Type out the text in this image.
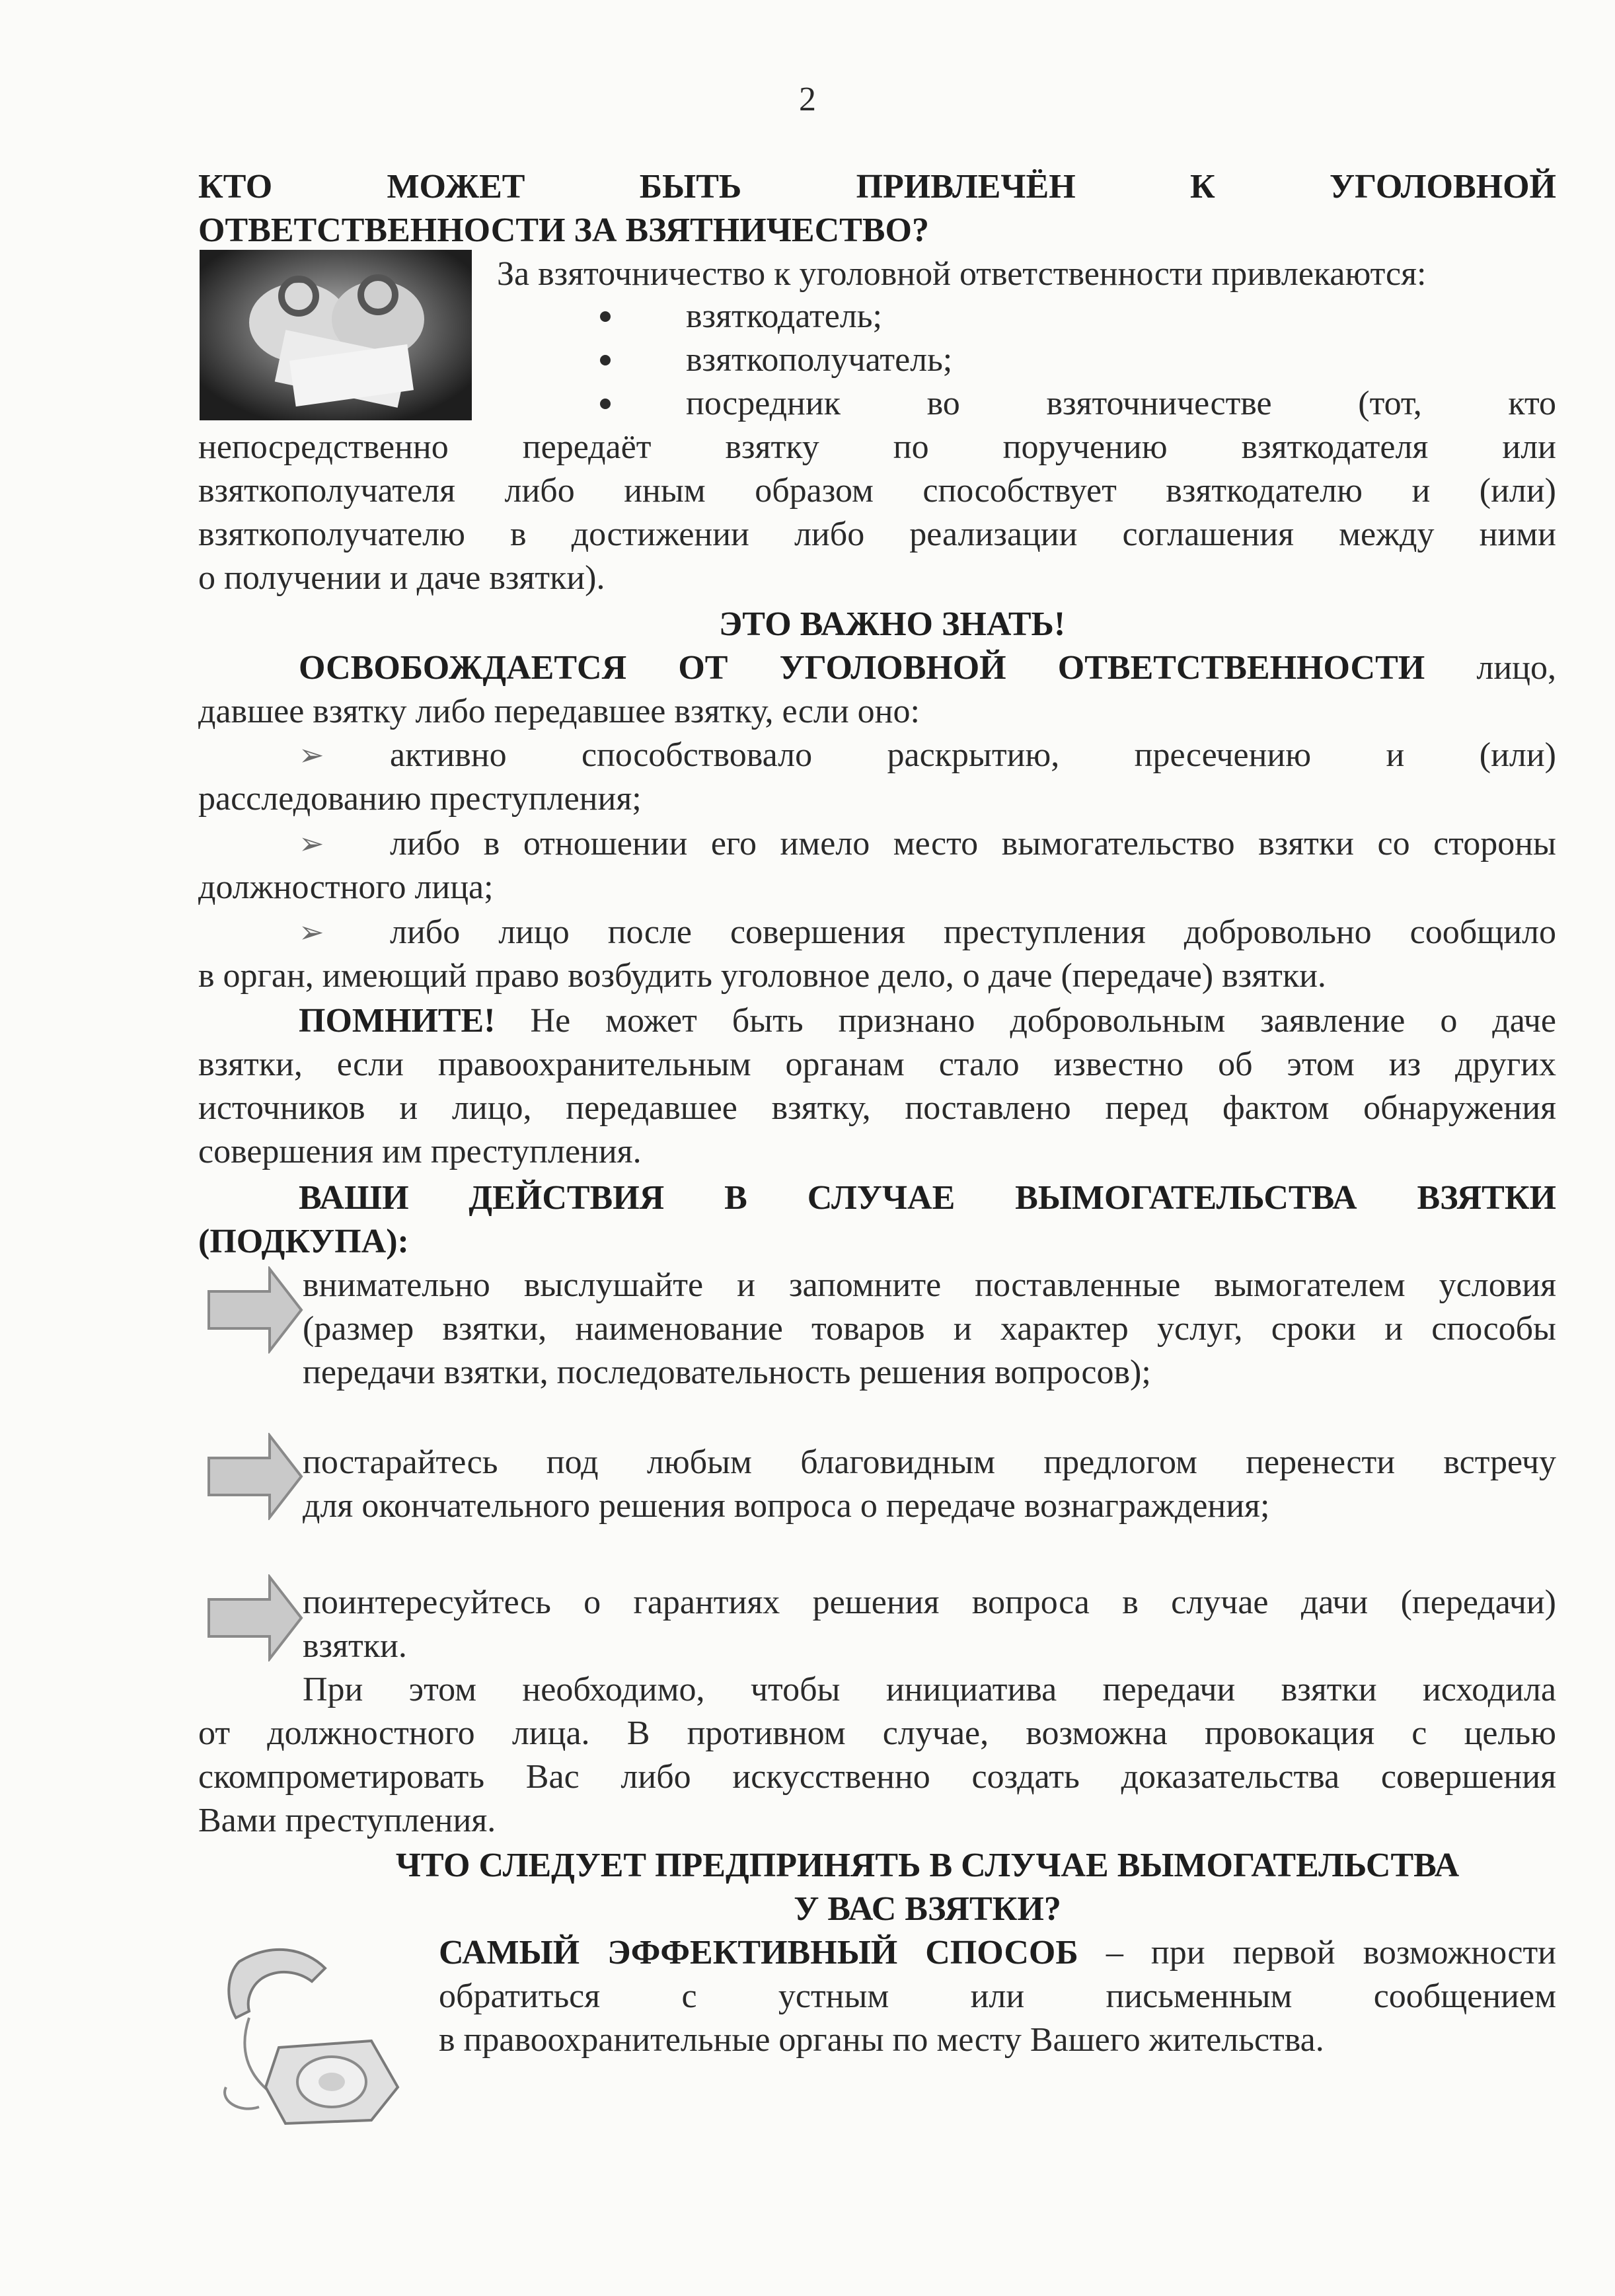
2
КТО МОЖЕТ БЫТЬ ПРИВЛЕЧЁН К УГОЛОВНОЙ
ОТВЕТСТВЕННОСТИ ЗА ВЗЯТНИЧЕСТВО?
За взяточничество к уголовной ответственности привлекаются:
взяткодатель;
взяткополучатель;
посредник во взяточничестве (тот, кто
непосредственно передаёт взятку по поручению взяткодателя или
взяткополучателя либо иным образом способствует взяткодателю и (или)
взяткополучателю в достижении либо реализации соглашения между ними
о получении и даче взятки).
ЭТО ВАЖНО ЗНАТЬ!
ОСВОБОЖДАЕТСЯ ОТ УГОЛОВНОЙ ОТВЕТСТВЕННОСТИ лицо,
давшее взятку либо передавшее взятку, если оно:
➢ активно способствовало раскрытию, пресечению и (или)
расследованию преступления;
➢ либо в отношении его имело место вымогательство взятки со стороны
должностного лица;
➢ либо лицо после совершения преступления добровольно сообщило
в орган, имеющий право возбудить уголовное дело, о даче (передаче) взятки.
ПОМНИТЕ! Не может быть признано добровольным заявление о даче
взятки, если правоохранительным органам стало известно об этом из других
источников и лицо, передавшее взятку, поставлено перед фактом обнаружения
совершения им преступления.
ВАШИ ДЕЙСТВИЯ В СЛУЧАЕ ВЫМОГАТЕЛЬСТВА ВЗЯТКИ
(ПОДКУПА):
внимательно выслушайте и запомните поставленные вымогателем условия
(размер взятки, наименование товаров и характер услуг, сроки и способы
передачи взятки, последовательность решения вопросов);
постарайтесь под любым благовидным предлогом перенести встречу
для окончательного решения вопроса о передаче вознаграждения;
поинтересуйтесь о гарантиях решения вопроса в случае дачи (передачи)
взятки.
При этом необходимо, чтобы инициатива передачи взятки исходила
от должностного лица. В противном случае, возможна провокация с целью
скомпрометировать Вас либо искусственно создать доказательства совершения
Вами преступления.
ЧТО СЛЕДУЕТ ПРЕДПРИНЯТЬ В СЛУЧАЕ ВЫМОГАТЕЛЬСТВА
У ВАС ВЗЯТКИ?
САМЫЙ ЭФФЕКТИВНЫЙ СПОСОБ – при первой возможности
обратиться с устным или письменным сообщением
в правоохранительные органы по месту Вашего жительства.
